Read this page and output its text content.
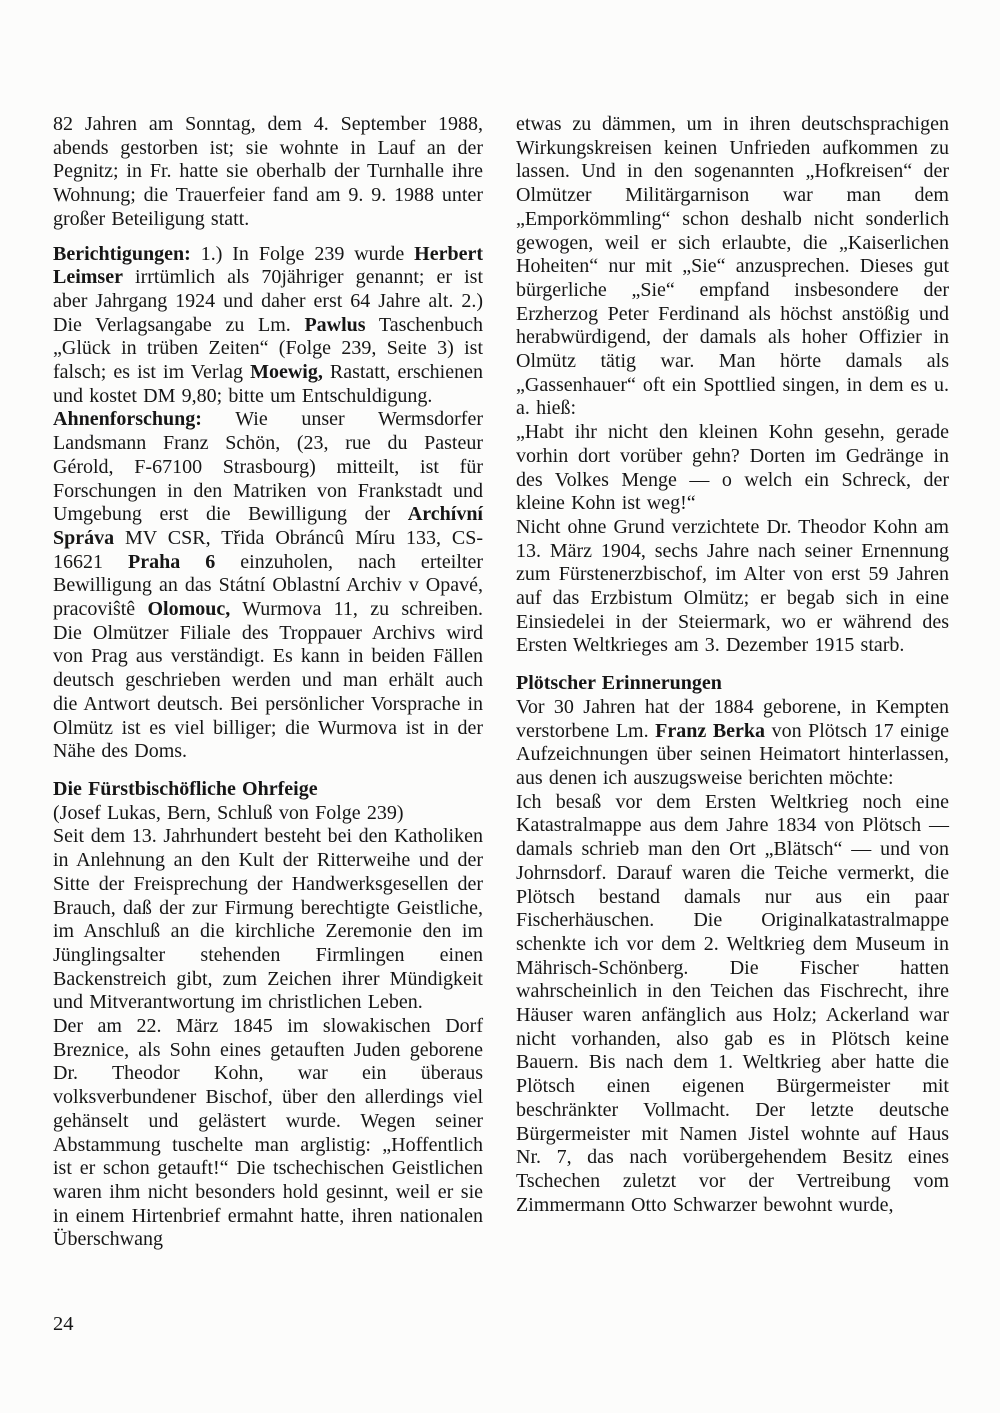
82 Jahren am Sonntag, dem 4. September 1988, abends gestorben ist; sie wohnte in Lauf an der Pegnitz; in Fr. hatte sie oberhalb der Turnhalle ihre Wohnung; die Trauerfeier fand am 9. 9. 1988 unter großer Beteiligung statt.

Berichtigungen: 1.) In Folge 239 wurde Herbert Leimser irrtümlich als 70jähriger genannt; er ist aber Jahrgang 1924 und daher erst 64 Jahre alt. 2.) Die Verlagsangabe zu Lm. Pawlus Taschenbuch „Glück in trüben Zeiten“ (Folge 239, Seite 3) ist falsch; es ist im Verlag Moewig, Rastatt, erschienen und kostet DM 9,80; bitte um Entschuldigung.

Ahnenforschung: Wie unser Wermsdorfer Landsmann Franz Schön, (23, rue du Pasteur Gérold, F-67100 Strasbourg) mitteilt, ist für Forschungen in den Matriken von Frankstadt und Umgebung erst die Bewilligung der Archívní Správa MV CSR, Třida Obráncû Míru 133, CS-16621 Praha 6 einzuholen, nach erteilter Bewilligung an das Státní Oblastní Archiv v Opavé, pracoviŝtê Olomouc, Wurmova 11, zu schreiben. Die Olmützer Filiale des Troppauer Archivs wird von Prag aus verständigt. Es kann in beiden Fällen deutsch geschrieben werden und man erhält auch die Antwort deutsch. Bei persönlicher Vorsprache in Olmütz ist es viel billiger; die Wurmova ist in der Nähe des Doms.

Die Fürstbischöfliche Ohrfeige

(Josef Lukas, Bern, Schluß von Folge 239)

Seit dem 13. Jahrhundert besteht bei den Katholiken in Anlehnung an den Kult der Ritterweihe und der Sitte der Freisprechung der Handwerksgesellen der Brauch, daß der zur Firmung berechtigte Geistliche, im Anschluß an die kirchliche Zeremonie den im Jünglingsalter stehenden Firmlingen einen Backenstreich gibt, zum Zeichen ihrer Mündigkeit und Mitverantwortung im christlichen Leben.

Der am 22. März 1845 im slowakischen Dorf Breznice, als Sohn eines getauften Juden geborene Dr. Theodor Kohn, war ein überaus volksverbundener Bischof, über den allerdings viel gehänselt und gelästert wurde. Wegen seiner Abstammung tuschelte man arglistig: „Hoffentlich ist er schon getauft!“ Die tschechischen Geistlichen waren ihm nicht besonders hold gesinnt, weil er sie in einem Hirtenbrief ermahnt hatte, ihren nationalen Überschwang

etwas zu dämmen, um in ihren deutschsprachigen Wirkungskreisen keinen Unfrieden aufkommen zu lassen. Und in den sogenannten „Hofkreisen“ der Olmützer Militärgarnison war man dem „Emporkömmling“ schon deshalb nicht sonderlich gewogen, weil er sich erlaubte, die „Kaiserlichen Hoheiten“ nur mit „Sie“ anzusprechen. Dieses gut bürgerliche „Sie“ empfand insbesondere der Erzherzog Peter Ferdinand als höchst anstößig und herabwürdigend, der damals als hoher Offizier in Olmütz tätig war. Man hörte damals als „Gassenhauer“ oft ein Spottlied singen, in dem es u. a. hieß:

„Habt ihr nicht den kleinen Kohn gesehn, gerade vorhin dort vorüber gehn? Dorten im Gedränge in des Volkes Menge — o welch ein Schreck, der kleine Kohn ist weg!“

Nicht ohne Grund verzichtete Dr. Theodor Kohn am 13. März 1904, sechs Jahre nach seiner Ernennung zum Fürstenerzbischof, im Alter von erst 59 Jahren auf das Erzbistum Olmütz; er begab sich in eine Einsiedelei in der Steiermark, wo er während des Ersten Weltkrieges am 3. Dezember 1915 starb.

Plötscher Erinnerungen

Vor 30 Jahren hat der 1884 geborene, in Kempten verstorbene Lm. Franz Berka von Plötsch 17 einige Aufzeichnungen über seinen Heimatort hinterlassen, aus denen ich auszugsweise berichten möchte:

Ich besaß vor dem Ersten Weltkrieg noch eine Katastralmappe aus dem Jahre 1834 von Plötsch — damals schrieb man den Ort „Blätsch“ — und von Johrnsdorf. Darauf waren die Teiche vermerkt, die Plötsch bestand damals nur aus ein paar Fischerhäuschen. Die Originalkatastralmappe schenkte ich vor dem 2. Weltkrieg dem Museum in Mährisch-Schönberg. Die Fischer hatten wahrscheinlich in den Teichen das Fischrecht, ihre Häuser waren anfänglich aus Holz; Ackerland war nicht vorhanden, also gab es in Plötsch keine Bauern. Bis nach dem 1. Weltkrieg aber hatte die Plötsch einen eigenen Bürgermeister mit beschränkter Vollmacht. Der letzte deutsche Bürgermeister mit Namen Jistel wohnte auf Haus Nr. 7, das nach vorübergehendem Besitz eines Tschechen zuletzt vor der Vertreibung vom Zimmermann Otto Schwarzer bewohnt wurde,

24
